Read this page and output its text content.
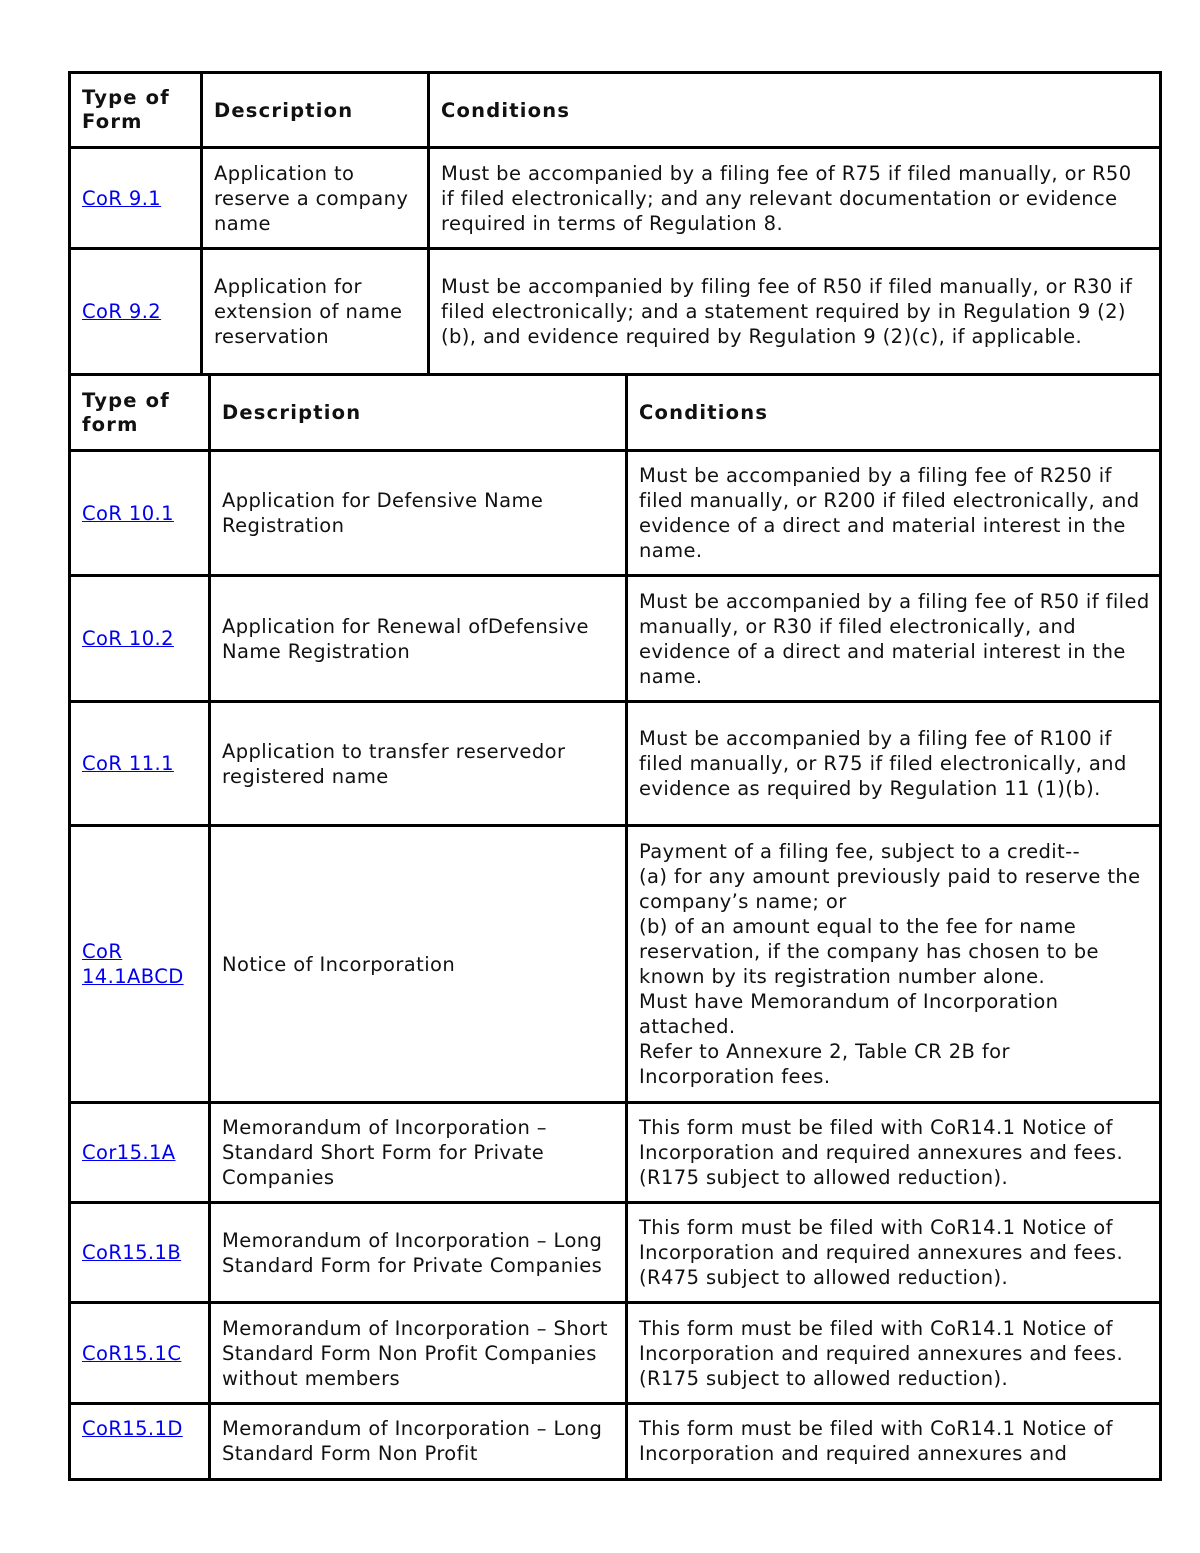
Type of Form	Description	Conditions
CoR 9.1	Application to reserve a company name	Must be accompanied by a filing fee of R75 if filed manually, or R50 if filed electronically; and any relevant documentation or evidence required in terms of Regulation 8.

CoR 9.2	Application for extension of name reservation	Must be accompanied by filing fee of R50 if filed manually, or R30 if filed electronically; and a statement required by in Regulation 9 (2)(b), and evidence required by Regulation 9 (2)(c), if applicable.
Type of form	Description	Conditions
CoR 10.1	Application for Defensive Name Registration	Must be accompanied by a filing fee of R250 if filed manually, or R200 if filed electronically, and evidence of a direct and material interest in the name.

CoR 10.2	Application for Renewal ofDefensive Name Registration	Must be accompanied by a filing fee of R50 if filed manually, or R30 if filed electronically, and evidence of a direct and material interest in the name.

CoR 11.1	Application to transfer reservedor registered name	Must be accompanied by a filing fee of R100 if filed manually, or R75 if filed electronically, and evidence as required by Regulation 11 (1)(b).

CoR 14.1ABCD	Notice of Incorporation	Payment of a filing fee, subject to a credit--
(a) for any amount previously paid to reserve the company’s name; or
(b) of an amount equal to the fee for name reservation, if the company has chosen to be known by its registration number alone.
Must have Memorandum of Incorporation attached.
Refer to Annexure 2, Table CR 2B for Incorporation fees.

Cor15.1A	Memorandum of Incorporation – Standard Short Form for Private Companies	This form must be filed with CoR14.1 Notice of Incorporation and required annexures and fees. (R175 subject to allowed reduction).

CoR15.1B	Memorandum of Incorporation – Long Standard Form for Private Companies	This form must be filed with CoR14.1 Notice of Incorporation and required annexures and fees. (R475 subject to allowed reduction).

CoR15.1C	Memorandum of Incorporation – Short Standard Form Non Profit Companies without members	This form must be filed with CoR14.1 Notice of Incorporation and required annexures and fees. (R175 subject to allowed reduction).

CoR15.1D	Memorandum of Incorporation – Long Standard Form Non Profit	This form must be filed with CoR14.1 Notice of Incorporation and required annexures and
